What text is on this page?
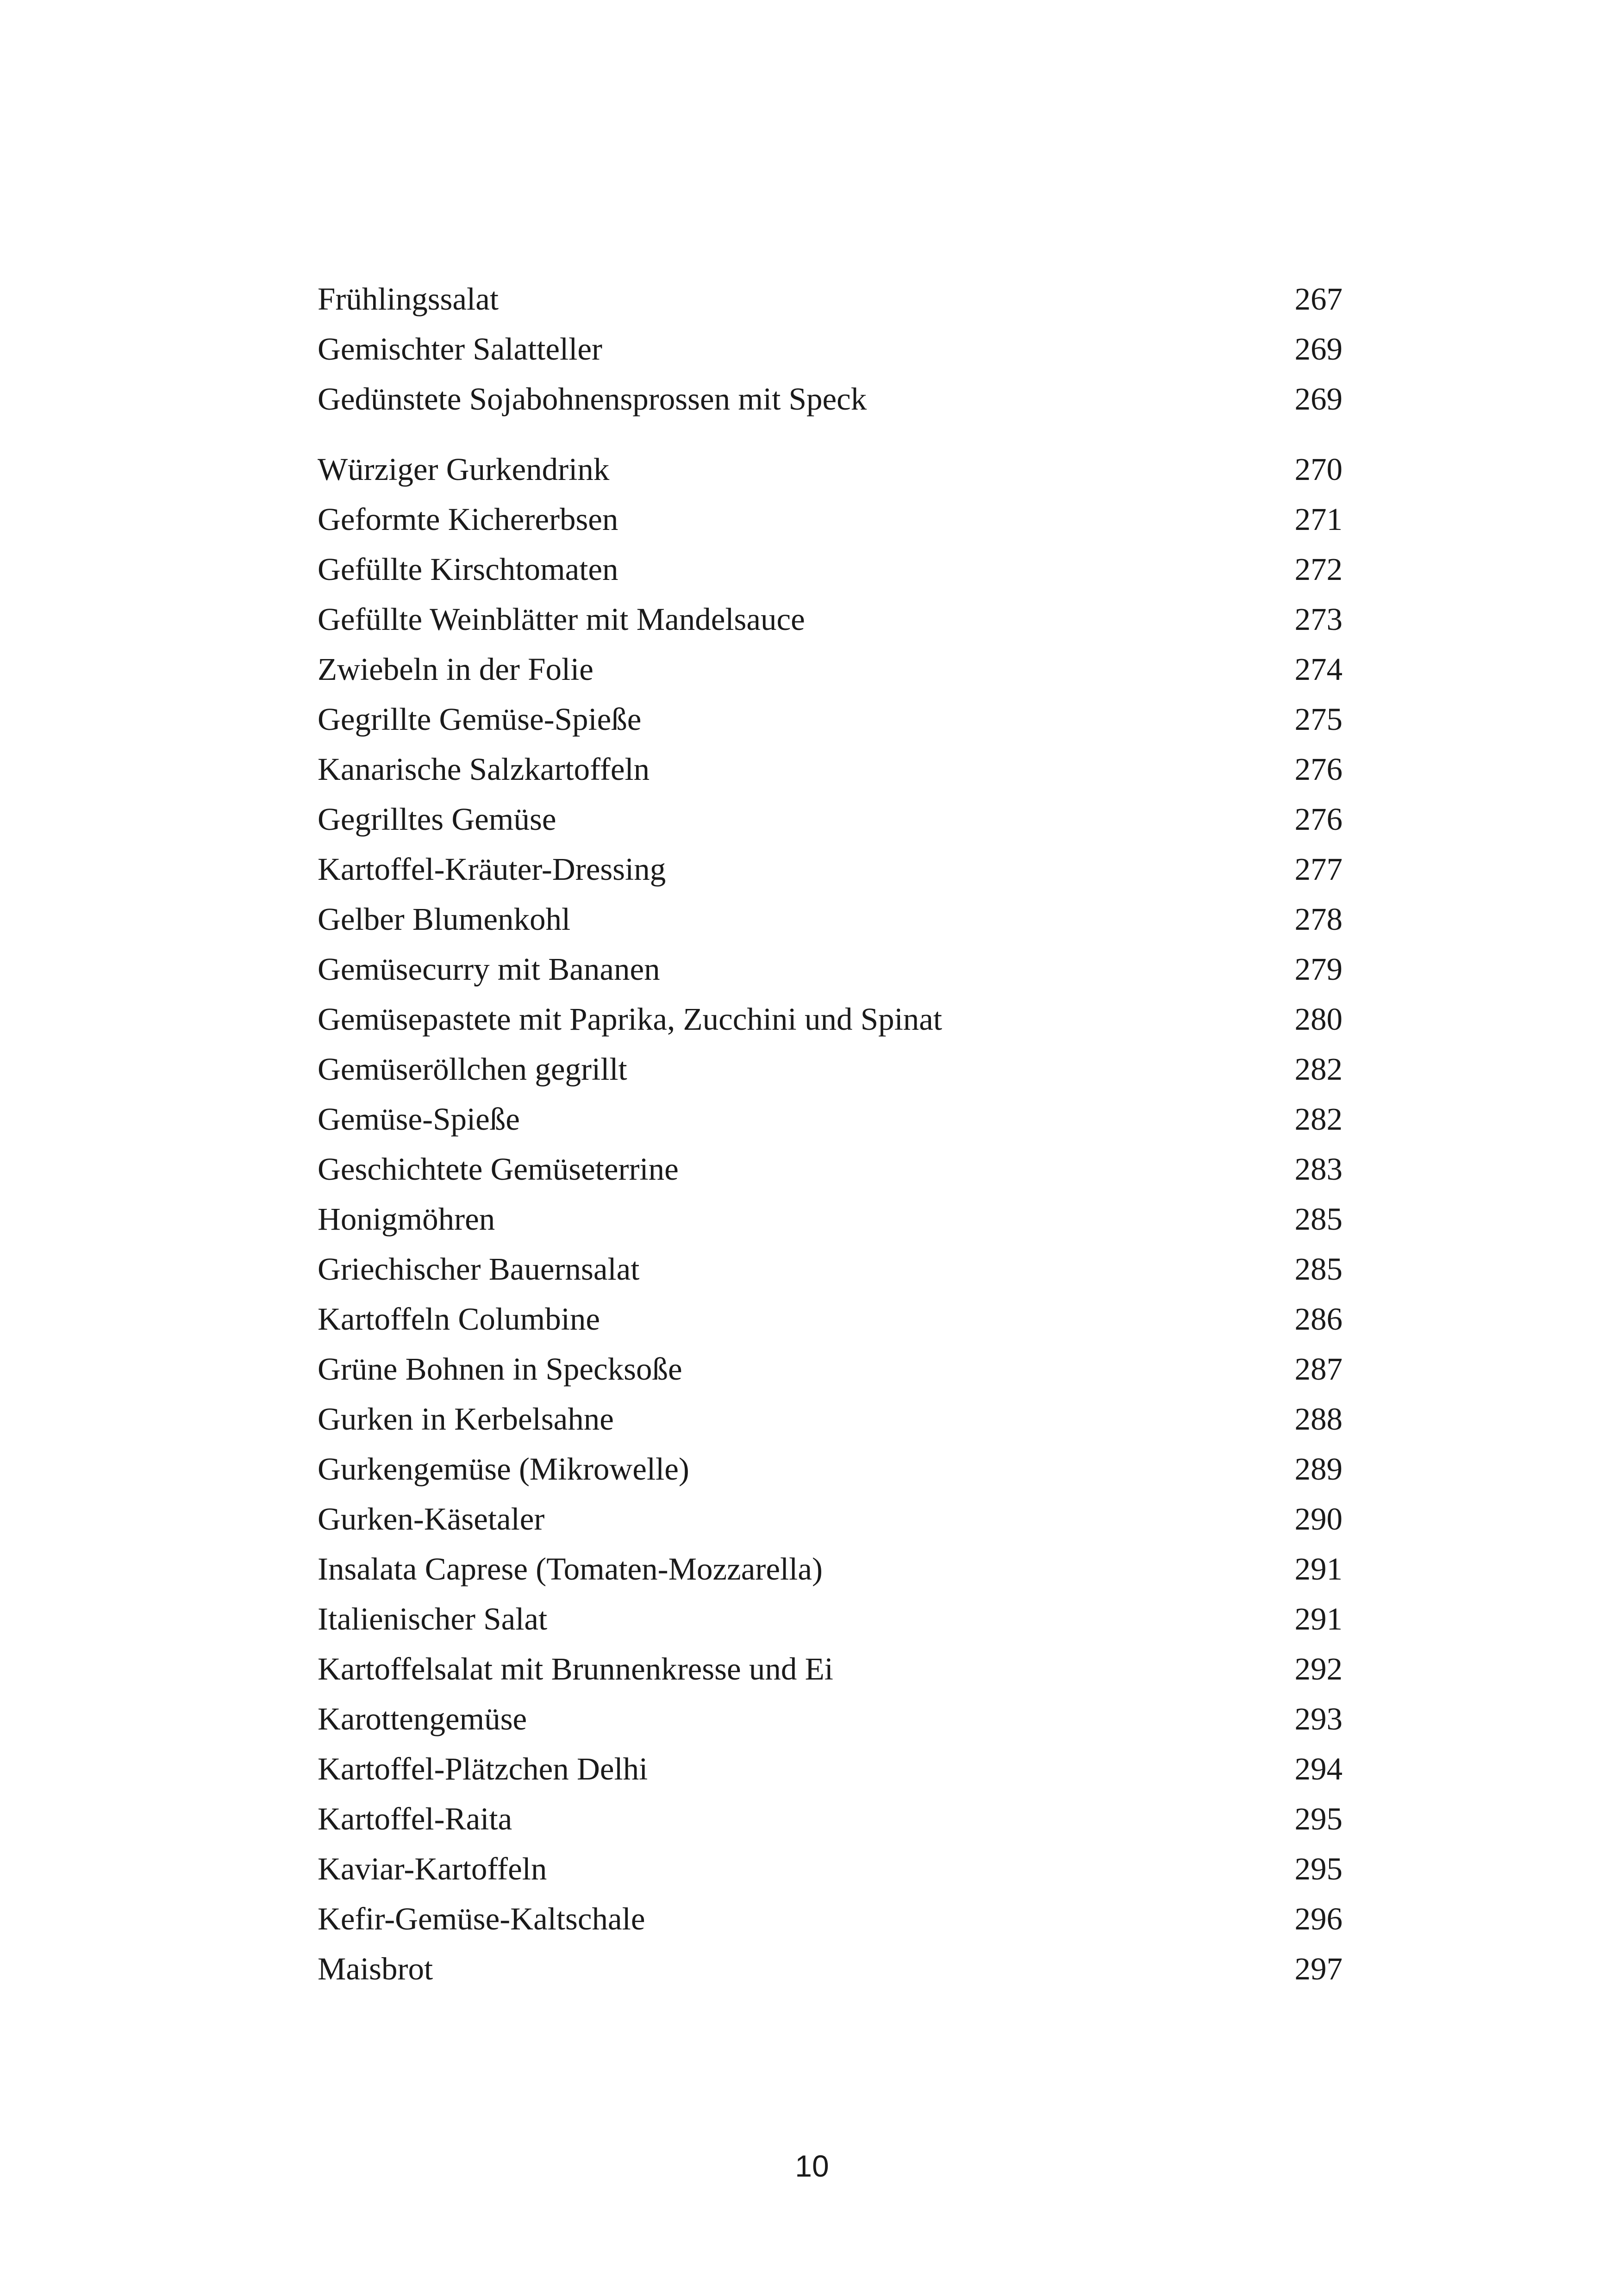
Frühlingssalat	267
Gemischter Salatteller	269
Gedünstete Sojabohnensprossen mit Speck	269
Würziger Gurkendrink	270
Geformte Kichererbsen	271
Gefüllte Kirschtomaten	272
Gefüllte Weinblätter mit Mandelsauce	273
Zwiebeln in der Folie	274
Gegrillte Gemüse-Spieße	275
Kanarische Salzkartoffeln	276
Gegrilltes Gemüse	276
Kartoffel-Kräuter-Dressing	277
Gelber Blumenkohl	278
Gemüsecurry mit Bananen	279
Gemüsepastete mit Paprika, Zucchini und Spinat	280
Gemüseröllchen gegrillt	282
Gemüse-Spieße	282
Geschichtete Gemüseterrine	283
Honigmöhren	285
Griechischer Bauernsalat	285
Kartoffeln Columbine	286
Grüne Bohnen in Specksoße	287
Gurken in Kerbelsahne	288
Gurkengemüse (Mikrowelle)	289
Gurken-Käsetaler	290
Insalata Caprese (Tomaten-Mozzarella)	291
Italienischer Salat	291
Kartoffelsalat mit Brunnenkresse und Ei	292
Karottengemüse	293
Kartoffel-Plätzchen Delhi	294
Kartoffel-Raita	295
Kaviar-Kartoffeln	295
Kefir-Gemüse-Kaltschale	296
Maisbrot	297
10
